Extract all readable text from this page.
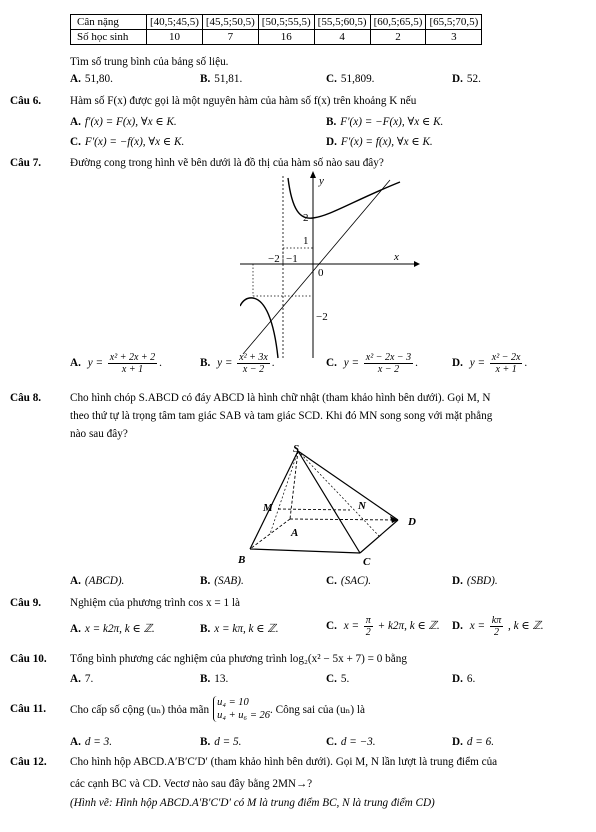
Cân nặng	[40,5;45,5)	[45,5;50,5)	[50,5;55,5)	[55,5;60,5)	[60,5;65,5)	[65,5;70,5)
Số học sinh	10	7	16	4	2	3
Tìm số trung bình của bảng số liệu.
A. 51,80.	B. 51,81.	C. 51,809.	D. 52.
Câu 6.	Hàm số F(x) được gọi là một nguyên hàm của hàm số f(x) trên khoảng K nếu
A. f′(x) = F(x), ∀x ∈ K.	B. F′(x) = −F(x), ∀x ∈ K.
C. F′(x) = −f(x), ∀x ∈ K.	D. F′(x) = f(x), ∀x ∈ K.
Câu 7.	Đường cong trong hình vẽ bên dưới là đồ thị của hàm số nào sau đây?
y
x
2
1
−2 −1
0
−2
A. $y = \frac{\text{x² + 2x + 2}}{x + 1}$ .	B. $y = \frac{\text{x² + 3x}}{x - 2}$ .	C. $y = \frac{\text{x² − 2x − 3}}{x - 2}$ .	D. $y = \frac{\text{x² − 2x}}{x + 1}$ .
Câu 8.	Cho hình chóp S.ABCD có đáy ABCD là hình chữ nhật (tham khảo hình bên dưới). Gọi M, N
theo thứ tự là trọng tâm tam giác SAB và tam giác SCD. Khi đó MN song song với mặt phẳng
nào sau đây?
S
M	N
A
B	C
D
A. (ABCD).	B. (SAB).	C. (SAC).	D. (SBD).
Câu 9.	Nghiệm của phương trình cos x = 1 là
A. x = k2π, k ∈ ℤ.	B. x = kπ, k ∈ ℤ.	C. $x = \frac{\pi}{2} + k2\pi$, k ∈ ℤ. D. $x = \frac{k\pi}{2}$ , k ∈ ℤ.
Câu 10. Tổng bình phương các nghiệm của phương trình log₂(x² − 5x + 7) = 0 bằng
A. 7.	B. 13.	C. 5.	D. 6.
Câu 11. Cho cấp số cộng (uₙ) thỏa mãn
u₄ = 10
u₄ + u₆ = 26 . Công sai của (uₙ) là
A. d = 3.	B. d = 5.	C. d = −3.	D. d = 6.
Câu 12. Cho hình hộp ABCD.A′B′C′D′ (tham khảo hình bên dưới). Gọi M, N lần lượt là trung điểm của
các cạnh BC và CD. Vectơ nào sau đây bằng 2MN→?
(Hình vẽ: Hình hộp ABCD.A′B′C′D′ có M là trung điểm BC, N là trung điểm CD)
